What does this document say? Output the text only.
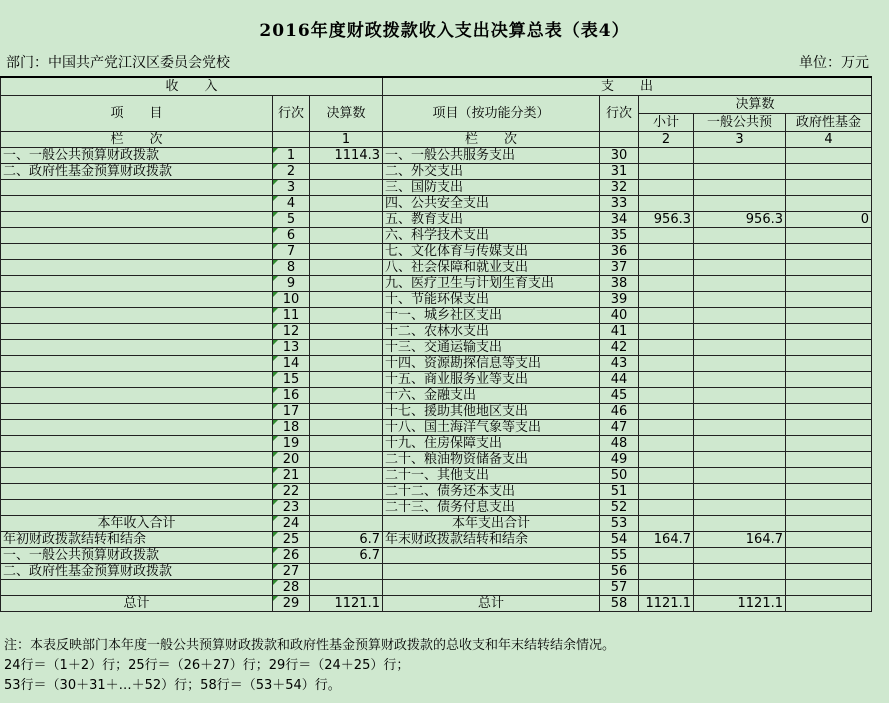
2016年度财政拨款收入支出决算总表（表4）
部门：中国共产党江汉区委员会党校	单位：万元
收　　入			支　　出				
项　　目	行次	决算数	项目（按功能分类）	行次	决算数		
					小计	一般公共预	政府性基金
栏　　次		1	栏　　次		2	3	4
一、一般公共预算财政拨款	1	1114.3	一、一般公共服务支出	30			
二、政府性基金预算财政拨款	2		二、外交支出	31			
	3		三、国防支出	32			
	4		四、公共安全支出	33			
	5		五、教育支出	34	956.3	956.3	0
	6		六、科学技术支出	35			
	7		七、文化体育与传媒支出	36			
	8		八、社会保障和就业支出	37			
	9		九、医疗卫生与计划生育支出	38			
	10		十、节能环保支出	39			
	11		十一、城乡社区支出	40			
	12		十二、农林水支出	41			
	13		十三、交通运输支出	42			
	14		十四、资源勘探信息等支出	43			
	15		十五、商业服务业等支出	44			
	16		十六、金融支出	45			
	17		十七、援助其他地区支出	46			
	18		十八、国土海洋气象等支出	47			
	19		十九、住房保障支出	48			
	20		二十、粮油物资储备支出	49			
	21		二十一、其他支出	50			
	22		二十二、债务还本支出	51			
	23		二十三、债务付息支出	52			
本年收入合计	24		本年支出合计	53			
年初财政拨款结转和结余	25	6.7	年末财政拨款结转和结余	54	164.7	164.7	
一、一般公共预算财政拨款	26	6.7		55			
二、政府性基金预算财政拨款	27			56			
	28			57			
总计	29	1121.1	总计	58	1121.1	1121.1	
注：本表反映部门本年度一般公共预算财政拨款和政府性基金预算财政拨款的总收支和年末结转结余情况。
24行＝（1＋2）行；25行＝（26＋27）行；29行＝（24＋25）行；
53行＝（30＋31＋…＋52）行；58行＝（53＋54）行。
